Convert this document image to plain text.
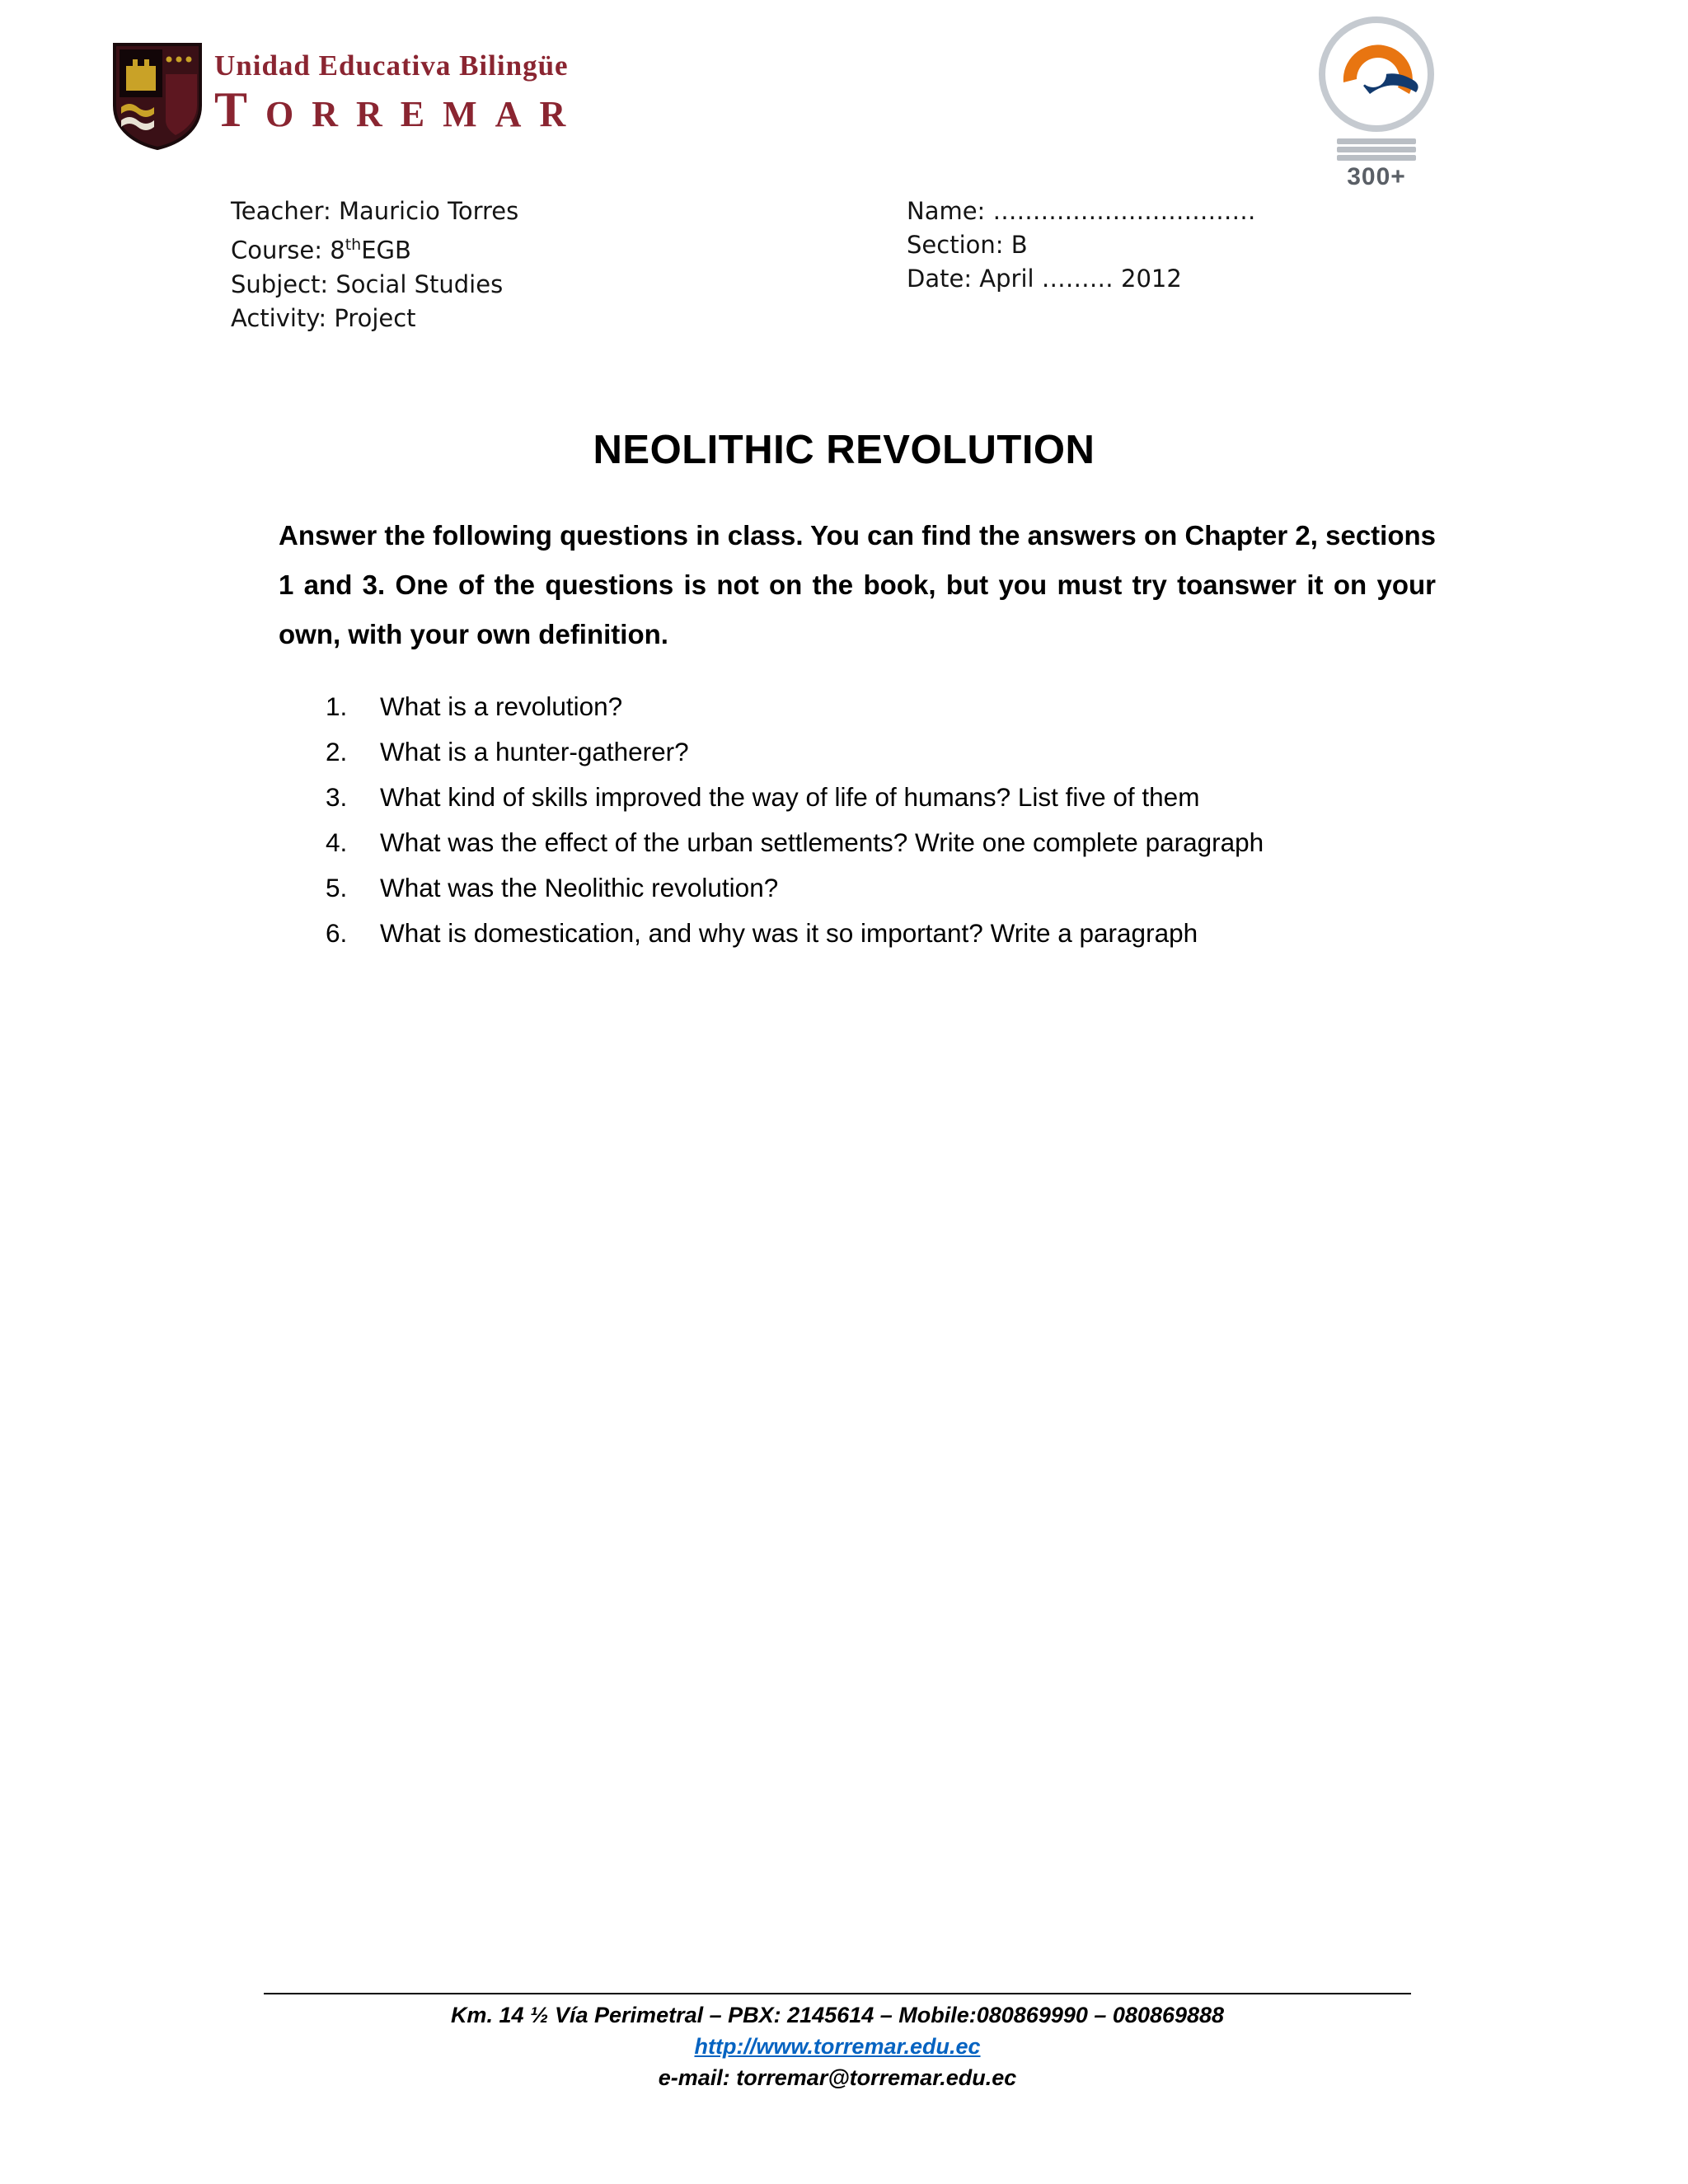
Unidad Educativa Bilingüe
TORREMAR
300+
Teacher: Mauricio Torres
Course: 8thEGB
Subject: Social Studies
Activity: Project
Name: ……………………………
Section: B
Date: April ……… 2012
NEOLITHIC REVOLUTION
Answer the following questions in class. You can find the answers on Chapter 2, sections 1 and 3. One of the questions is not on the book, but you must try toanswer it on your own, with your own definition.
What is a revolution?
What is a hunter-gatherer?
What kind of skills improved the way of life of humans? List five of them
What was the effect of the urban settlements? Write one complete paragraph
What was the Neolithic revolution?
What is domestication, and why was it so important? Write a paragraph
Km. 14 ½ Vía Perimetral – PBX: 2145614 – Mobile:080869990 – 080869888
http://www.torremar.edu.ec
e-mail: torremar@torremar.edu.ec
